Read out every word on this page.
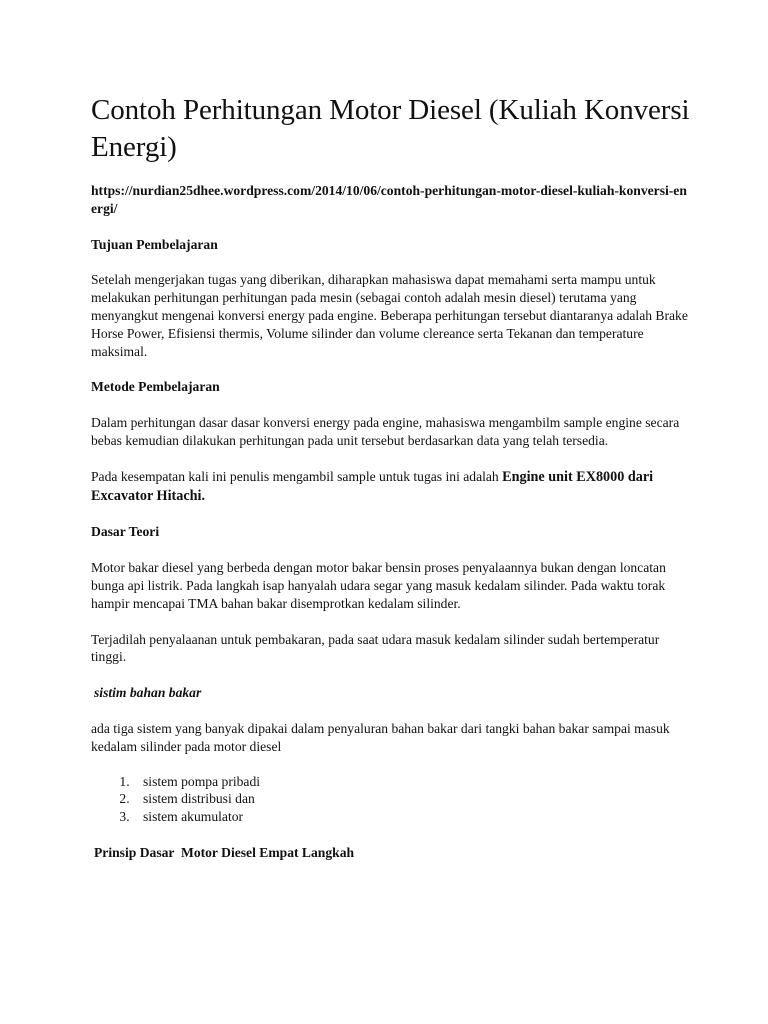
Contoh Perhitungan Motor Diesel (Kuliah Konversi Energi)
https://nurdian25dhee.wordpress.com/2014/10/06/contoh-perhitungan-motor-diesel-kuliah-konversi-energi/
Tujuan Pembelajaran

Setelah mengerjakan tugas yang diberikan, diharapkan mahasiswa dapat memahami serta mampu untuk melakukan perhitungan perhitungan pada mesin (sebagai contoh adalah mesin diesel) terutama yang menyangkut mengenai konversi energy pada engine. Beberapa perhitungan tersebut diantaranya adalah Brake Horse Power, Efisiensi thermis, Volume silinder dan volume clereance serta Tekanan dan temperature maksimal.

Metode Pembelajaran

Dalam perhitungan dasar dasar konversi energy pada engine, mahasiswa mengambilm sample engine secara bebas kemudian dilakukan perhitungan pada unit tersebut berdasarkan data yang telah tersedia.

Pada kesempatan kali ini penulis mengambil sample untuk tugas ini adalah Engine unit EX8000 dari Excavator Hitachi.

Dasar Teori

Motor bakar diesel yang berbeda dengan motor bakar bensin proses penyalaannya bukan dengan loncatan bunga api listrik. Pada langkah isap hanyalah udara segar yang masuk kedalam silinder. Pada waktu torak hampir mencapai TMA bahan bakar disemprotkan kedalam silinder.

Terjadilah penyalaanan untuk pembakaran, pada saat udara masuk kedalam silinder sudah bertemperatur tinggi.

sistim bahan bakar

ada tiga sistem yang banyak dipakai dalam penyaluran bahan bakar dari tangki bahan bakar sampai masuk kedalam silinder pada motor diesel

1. sistem pompa pribadi
2. sistem distribusi dan
3. sistem akumulator
Prinsip Dasar  Motor Diesel Empat Langkah
